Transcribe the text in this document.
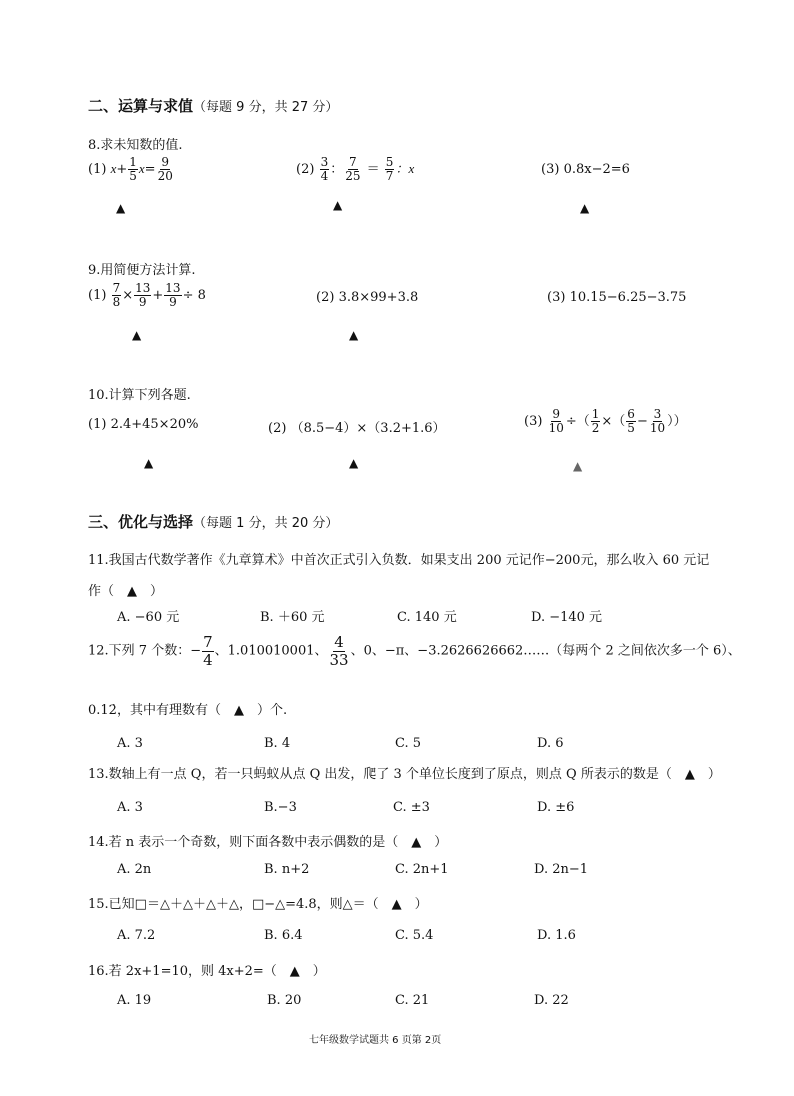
二、运算与求值（每题 9 分，共 27 分）
8.求未知数的值.
(1) $x+ \frac{1}{5} x= \frac{9}{20}$	$(2) \frac{3}{4}$ ： $\frac{7}{25} = \frac{5}{7}$ ：x	(3) 0.8x−2=6
▲	▲	▲
9.用简便方法计算.
$(1) \frac{7}{8} \times \frac{13}{9} + \frac{13}{9} \div 8$	(2) 3.8×99+3.8	(3) 10.15−6.25−3.75
▲	▲
10.计算下列各题.
(1) 2.4+45×20%	(2) （8.5−4）×（3.2+1.6）	$(3) \frac{9}{10}$ ÷（ $\frac{1}{2}$ ×（ $\frac{6}{5} - \frac{3}{10}$ ））
▲	▲	▲
三、优化与选择（每题 1 分，共 20 分）
11.我国古代数学著作《九章算术》中首次正式引入负数．如果支出 200 元记作−200元，那么收入 60 元记
作（　▲　）
A. −60 元	B. ＋60 元	C. 140 元	D. −140 元
12.下列 7 个数：− $\frac{7}{4}$ 、1.010010001、 $\frac{4}{33}$ 、0、−π、−3.2626626662……（每两个 2 之间依次多一个 6）、
0.12̇，其中有理数有（　▲　）个.
A. 3	B. 4	C. 5	D. 6
13.数轴上有一点 Q，若一只蚂蚁从点 Q 出发，爬了 3 个单位长度到了原点，则点 Q 所表示的数是（　▲　）
A. 3	B.−3	C. ±3	D. ±6
14.若 n 表示一个奇数，则下面各数中表示偶数的是（　▲　）
A. 2n	B. n+2	C. 2n+1	D. 2n−1
15.已知□＝△＋△＋△＋△，□−△=4.8，则△＝（　▲　）
A. 7.2	B. 6.4	C. 5.4	D. 1.6
16.若 2x+1=10，则 4x+2=（　▲　）
A. 19	B. 20	C. 21	D. 22
七年级数学试题共 6 页第 2页
